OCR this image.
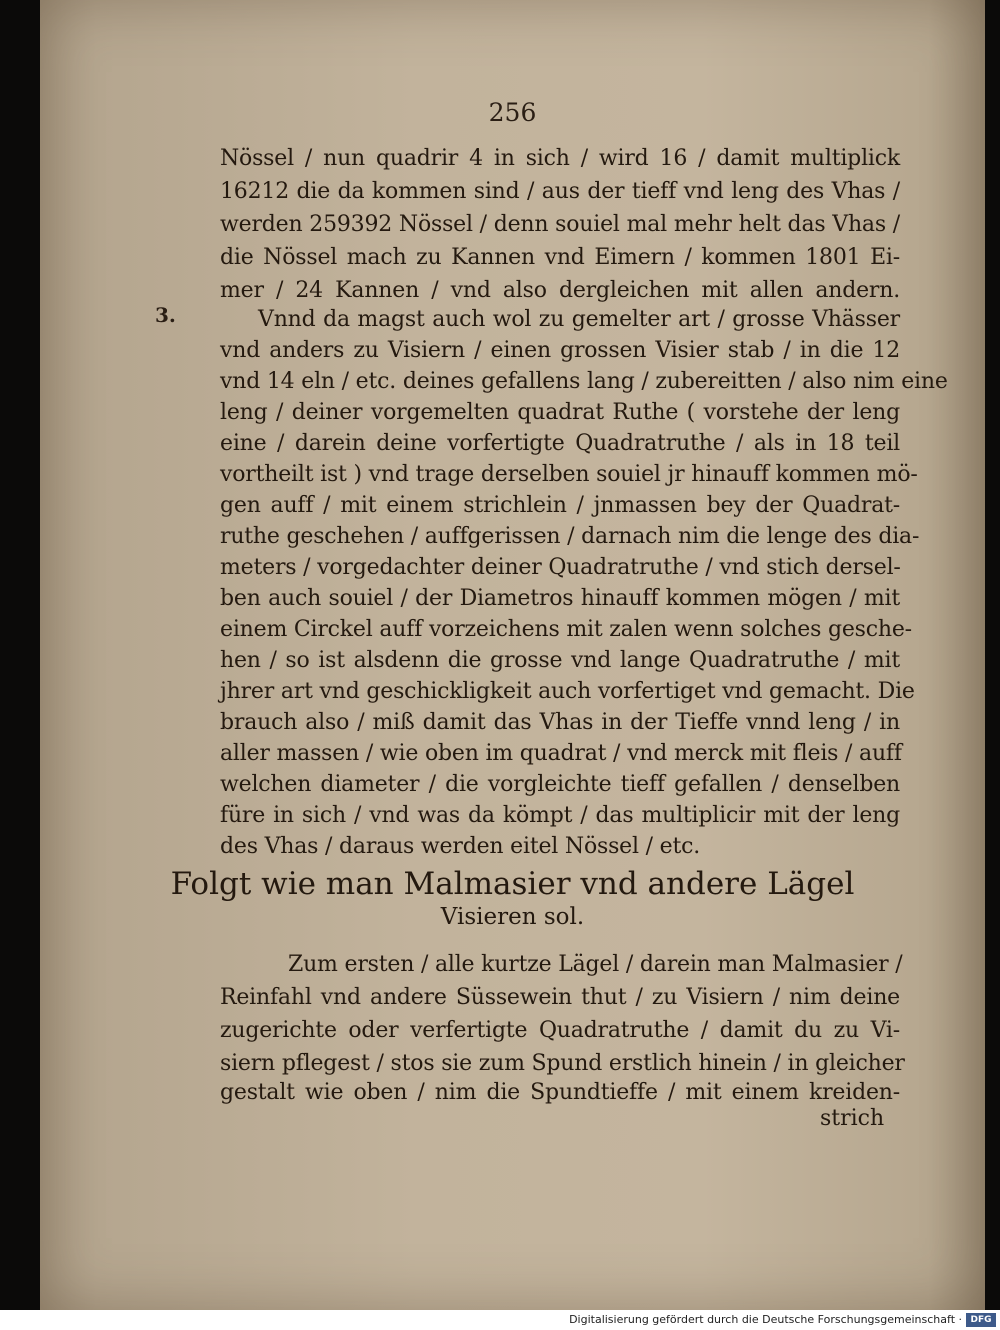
256

3.

Nössel / nun quadrir 4 in sich / wird 16 / damit multiplick

16212 die da kommen sind / aus der tieff vnd leng des Vhas /

werden 259392 Nössel / denn souiel mal mehr helt das Vhas /

die Nössel mach zu Kannen vnd Eimern / kommen 1801 Ei-

mer / 24 Kannen / vnd also dergleichen mit allen andern.

Vnnd da magst auch wol zu gemelter art / grosse Vhässer

vnd anders zu Visiern / einen grossen Visier stab / in die 12

vnd 14 eln / etc. deines gefallens lang / zubereitten / also nim eine

leng / deiner vorgemelten quadrat Ruthe ( vorstehe der leng

eine / darein deine vorfertigte Quadratruthe / als in 18 teil

vortheilt ist ) vnd trage derselben souiel jr hinauff kommen mö-

gen auff / mit einem strichlein / jnmassen bey der Quadrat-

ruthe geschehen / auffgerissen / darnach nim die lenge des dia-

meters / vorgedachter deiner Quadratruthe / vnd stich dersel-

ben auch souiel / der Diametros hinauff kommen mögen / mit

einem Circkel auff vorzeichens mit zalen wenn solches gesche-

hen / so ist alsdenn die grosse vnd lange Quadratruthe / mit

jhrer art vnd geschickligkeit auch vorfertiget vnd gemacht. Die

brauch also / miß damit das Vhas in der Tieffe vnnd leng / in

aller massen / wie oben im quadrat / vnd merck mit fleis / auff

welchen diameter / die vorgleichte tieff gefallen / denselben

füre in sich / vnd was da kömpt / das multiplicir mit der leng

des Vhas / daraus werden eitel Nössel / etc.

Folgt wie man Malmasier vnd andere Lägel

Visieren sol.

Zum ersten / alle kurtze Lägel / darein man Malmasier /

Reinfahl vnd andere Süssewein thut / zu Visiern / nim deine

zugerichte oder verfertigte Quadratruthe / damit du zu Vi-

siern pflegest / stos sie zum Spund erstlich hinein / in gleicher

gestalt wie oben / nim die Spundtieffe / mit einem kreiden-

strich

Digitalisierung gefördert durch die Deutsche Forschungsgemeinschaft · DFG
